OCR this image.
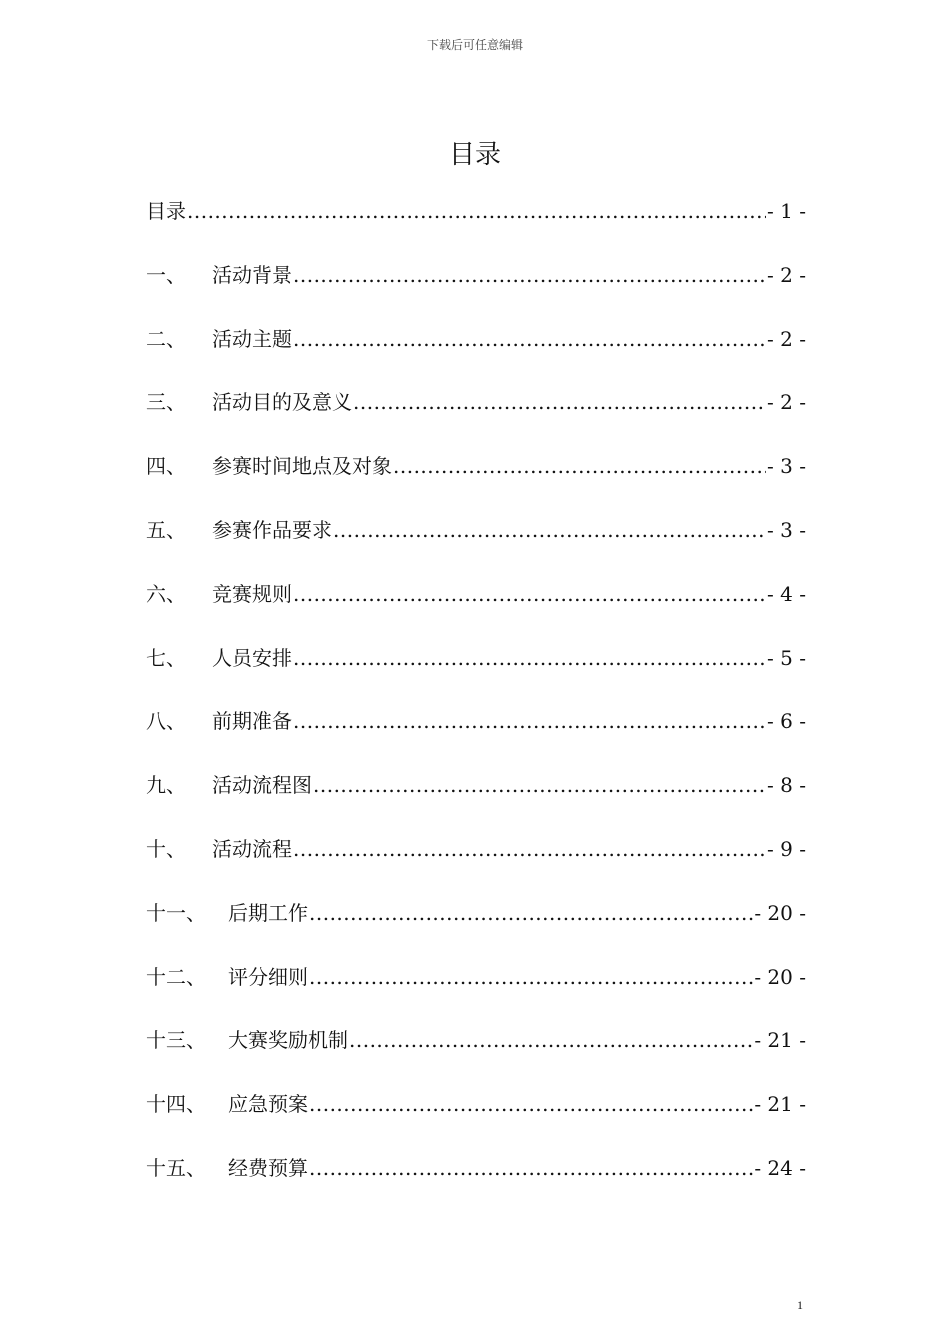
下载后可任意编辑
目录
目录 .....	- 1 -
一、	活动背景 .....	- 2 -
二、	活动主题 .....	- 2 -
三、	活动目的及意义 .....	- 2 -
四、	参赛时间地点及对象 .....	- 3 -
五、	参赛作品要求 .....	- 3 -
六、	竞赛规则 .....	- 4 -
七、	人员安排 .....	- 5 -
八、	前期准备 .....	- 6 -
九、	活动流程图 .....	- 8 -
十、	活动流程 .....	- 9 -
十一、	后期工作 .....	- 20 -
十二、	评分细则 .....	- 20 -
十三、	大赛奖励机制 .....	- 21 -
十四、	应急预案 .....	- 21 -
十五、	经费预算 .....	- 24 -
1
